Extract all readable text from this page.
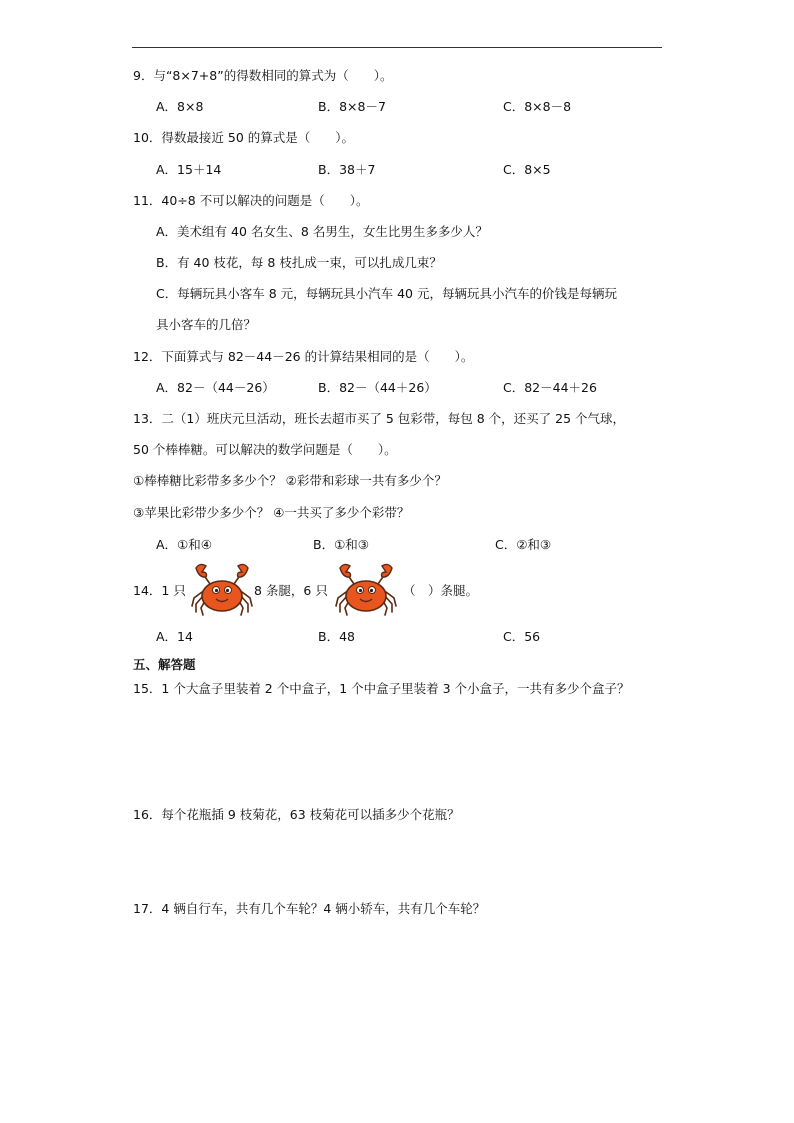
9．与“8×7+8”的得数相同的算式为（　　）。
A．8×8	B．8×8－7	C．8×8－8
10．得数最接近 50 的算式是（　　）。
A．15＋14	B．38＋7	C．8×5
11．40÷8 不可以解决的问题是（　　）。
A．美术组有 40 名女生、8 名男生，女生比男生多多少人？
B．有 40 枝花，每 8 枝扎成一束，可以扎成几束？
C．每辆玩具小客车 8 元，每辆玩具小汽车 40 元，每辆玩具小汽车的价钱是每辆玩
具小客车的几倍？
12．下面算式与 82－44－26 的计算结果相同的是（　　）。
A．82－（44－26）	B．82－（44＋26）	C．82－44＋26
13．二（1）班庆元旦活动，班长去超市买了 5 包彩带，每包 8 个，还买了 25 个气球，
50 个棒棒糖。可以解决的数学问题是（　　）。
①棒棒糖比彩带多多少个？ ②彩带和彩球一共有多少个？
③苹果比彩带少多少个？ ④一共买了多少个彩带？
A．①和④	B．①和③	C．②和③
14．1 只	8 条腿，6 只	（　）条腿。
A．14	B．48	C．56
五、解答题
15．1 个大盒子里装着 2 个中盒子，1 个中盒子里装着 3 个小盒子，一共有多少个盒子？
16．每个花瓶插 9 枝菊花，63 枝菊花可以插多少个花瓶？
17．4 辆自行车，共有几个车轮？4 辆小轿车，共有几个车轮？
